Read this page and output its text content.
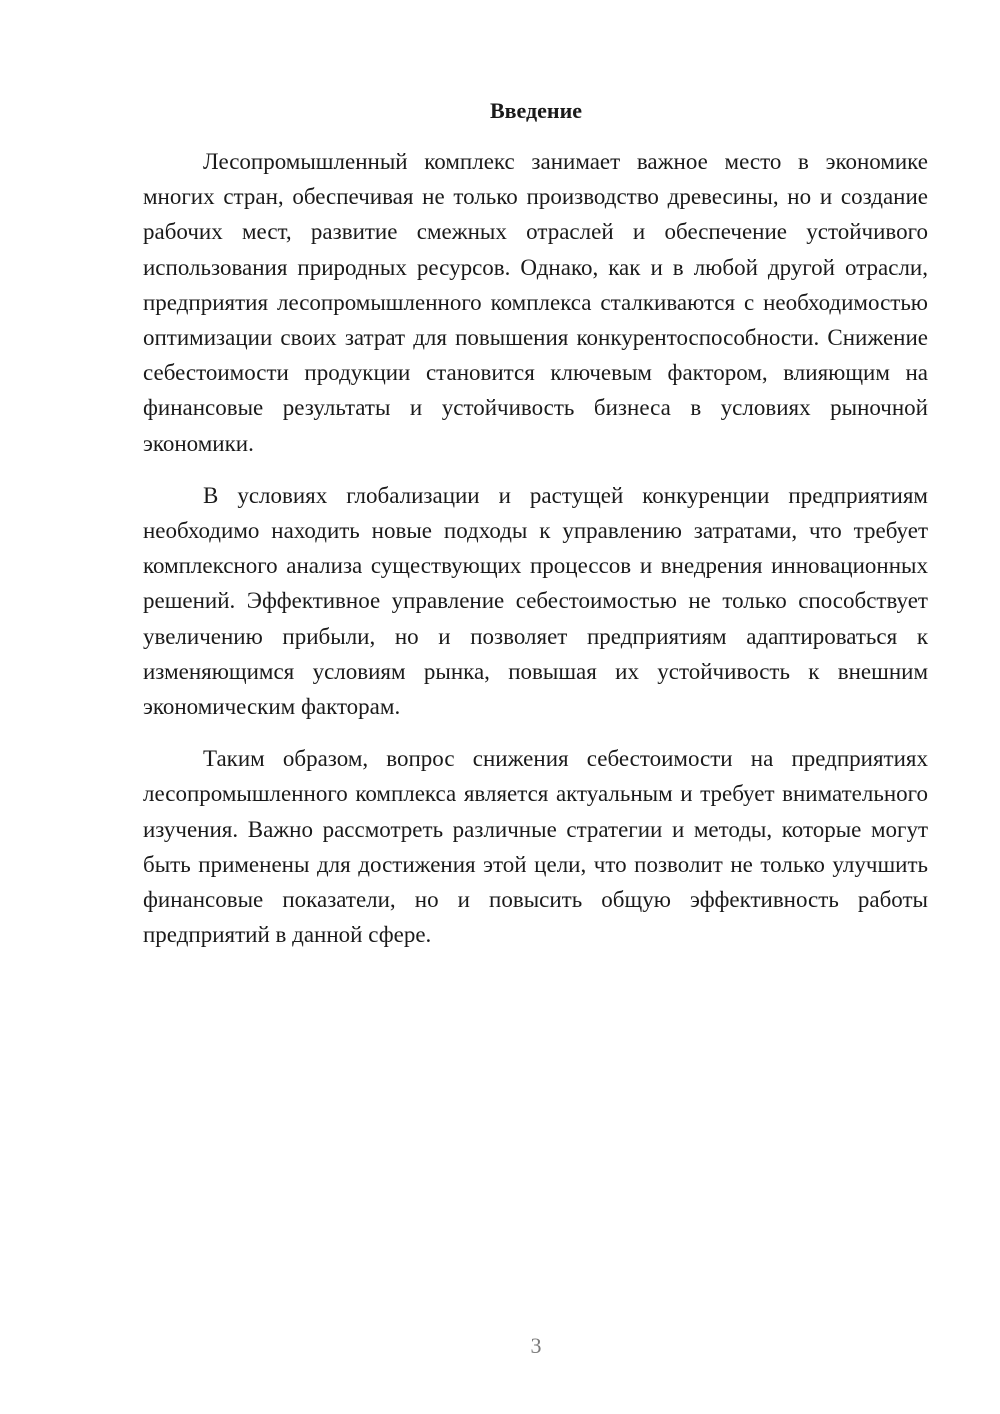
Введение

Лесопромышленный комплекс занимает важное место в экономике многих стран, обеспечивая не только производство древесины, но и создание рабочих мест, развитие смежных отраслей и обеспечение устойчивого использования природных ресурсов. Однако, как и в любой другой отрасли, предприятия лесопромышленного комплекса сталкиваются с необходимостью оптимизации своих затрат для повышения конкурентоспособности. Снижение себестоимости продукции становится ключевым фактором, влияющим на финансовые результаты и устойчивость бизнеса в условиях рыночной экономики.

В условиях глобализации и растущей конкуренции предприятиям необходимо находить новые подходы к управлению затратами, что требует комплексного анализа существующих процессов и внедрения инновационных решений. Эффективное управление себестоимостью не только способствует увеличению прибыли, но и позволяет предприятиям адаптироваться к изменяющимся условиям рынка, повышая их устойчивость к внешним экономическим факторам.

Таким образом, вопрос снижения себестоимости на предприятиях лесопромышленного комплекса является актуальным и требует внимательного изучения. Важно рассмотреть различные стратегии и методы, которые могут быть применены для достижения этой цели, что позволит не только улучшить финансовые показатели, но и повысить общую эффективность работы предприятий в данной сфере.

3
